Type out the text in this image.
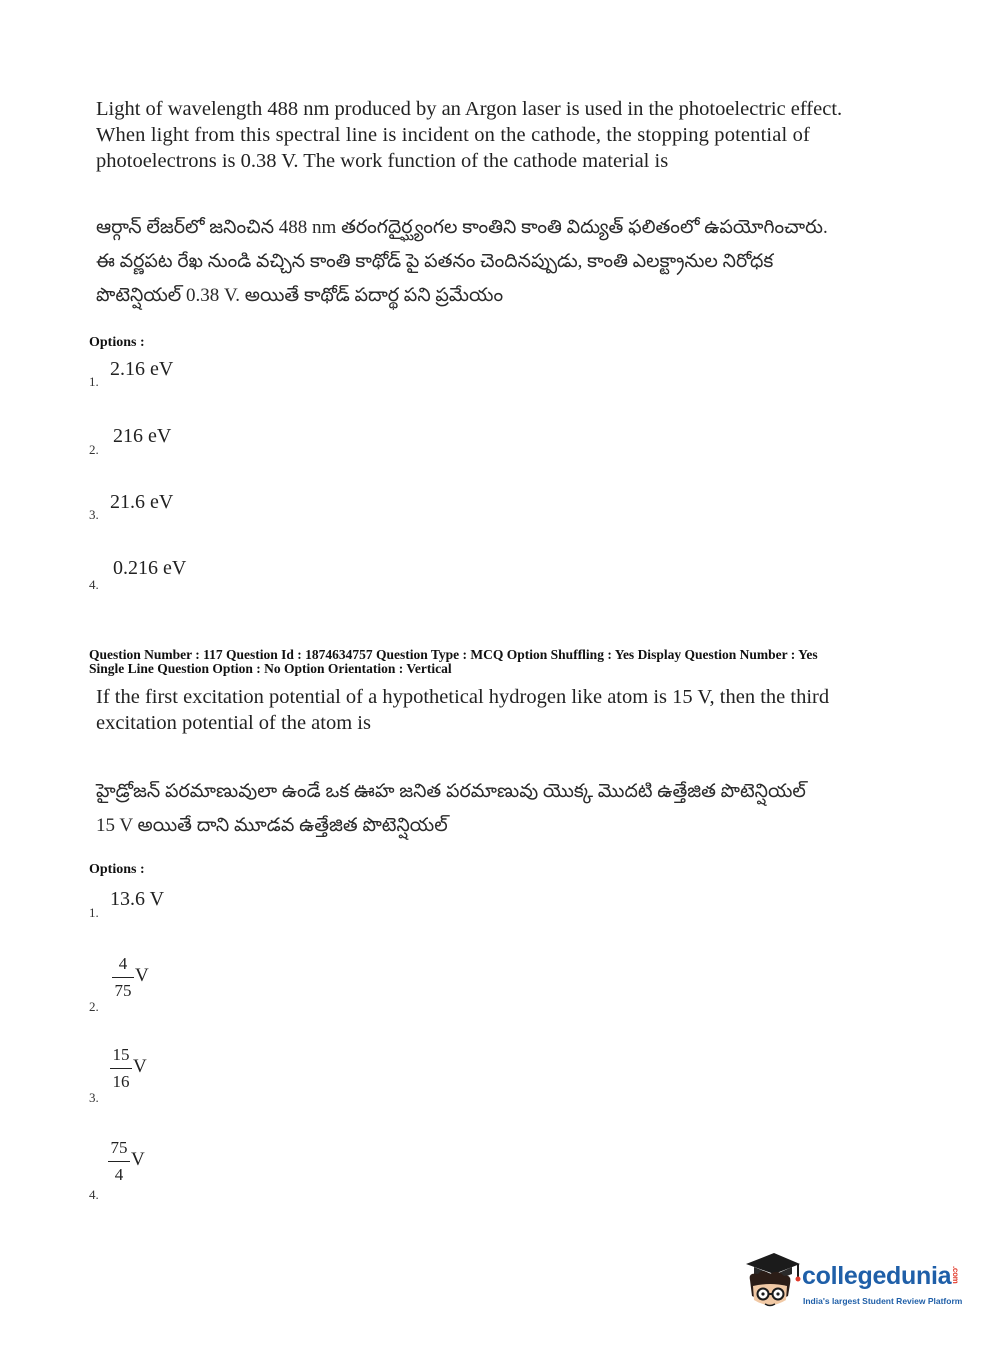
Light of wavelength 488 nm produced by an Argon laser is used in the photoelectric effect.
When light from this spectral line is incident on the cathode, the stopping potential of
photoelectrons is 0.38 V. The work function of the cathode material is
ఆర్గాన్ లేజర్‌లో జనించిన 488 nm తరంగదైర్ఘ్యంగల కాంతిని కాంతి విద్యుత్ ఫలితంలో ఉపయోగించారు.
ఈ వర్ణపట రేఖ నుండి వచ్చిన కాంతి కాథోడ్ పై పతనం చెందినప్పుడు, కాంతి ఎలక్ట్రానుల నిరోధక
పొటెన్షియల్ 0.38 V. అయితే కాథోడ్ పదార్థ పని ప్రమేయం
Options :
1.
2.16 eV
2.
216 eV
3.
21.6 eV
4.
0.216 eV
Question Number : 117 Question Id : 1874634757 Question Type : MCQ Option Shuffling : Yes Display Question Number : Yes
Single Line Question Option : No Option Orientation : Vertical
If the first excitation potential of a hypothetical hydrogen like atom is 15 V, then the third
excitation potential of the atom is
హైడ్రోజన్ పరమాణువులా ఉండే ఒక ఊహ జనిత పరమాణువు యొక్క మొదటి ఉత్తేజిత పొటెన్షియల్
15 V అయితే దాని మూడవ ఉత్తేజిత పొటెన్షియల్
Options :
1.
13.6 V
2.
$\frac{4}{75}$ V
3.
$\frac{15}{16}$ V
4.
$\frac{75}{4}$ V
collegedunia.com
India's largest Student Review Platform
